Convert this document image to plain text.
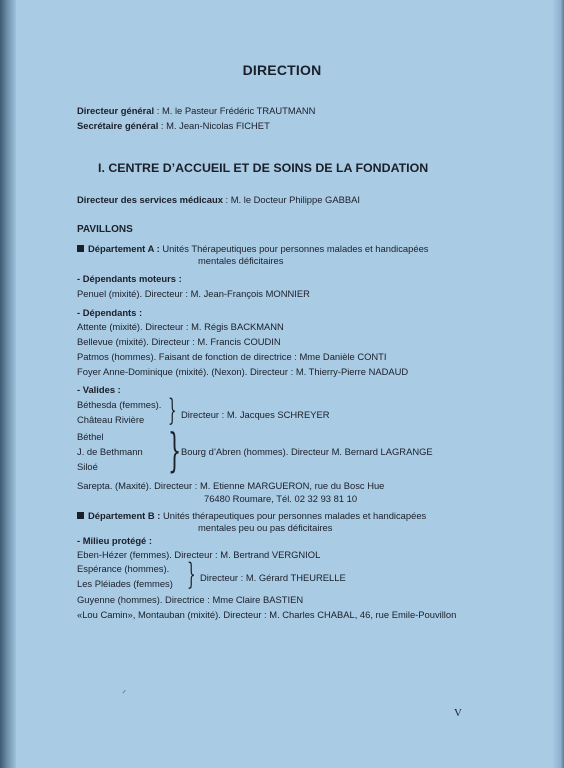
DIRECTION
Directeur général : M. le Pasteur Frédéric TRAUTMANN
Secrétaire général : M. Jean-Nicolas FICHET
I. CENTRE D’ACCUEIL ET DE SOINS DE LA FONDATION
Directeur des services médicaux : M. le Docteur Philippe GABBAI
PAVILLONS
Département A : Unités Thérapeutiques pour personnes malades et handicapées
mentales déficitaires
- Dépendants moteurs :
Penuel (mixité). Directeur : M. Jean-François MONNIER
- Dépendants :
Attente (mixité). Directeur : M. Régis BACKMANN
Bellevue (mixité). Directeur : M. Francis COUDIN
Patmos (hommes). Faisant de fonction de directrice : Mme Danièle CONTI
Foyer Anne-Dominique (mixité). (Nexon). Directeur : M. Thierry-Pierre NADAUD
- Valides :
Béthesda (femmes).
Château Rivière } Directeur : M. Jacques SCHREYER
Béthel
J. de Bethmann
Siloé } Bourg d’Abren (hommes). Directeur M. Bernard LAGRANGE
Sarepta. (Maxité). Directeur : M. Etienne MARGUERON, rue du Bosc Hue
76480 Roumare, Tél. 02 32 93 81 10
Département B : Unités thérapeutiques pour personnes malades et handicapées
mentales peu ou pas déficitaires
- Milieu protégé :
Eben-Hézer (femmes). Directeur : M. Bertrand VERGNIOL
Espérance (hommes).
Les Pléiades (femmes) } Directeur : M. Gérard THEURELLE
Guyenne (hommes). Directrice : Mme Claire BASTIEN
«Lou Camin», Montauban (mixité). Directeur : M. Charles CHABAL, 46, rue Emile-Pouvillon
ᐟ
V
